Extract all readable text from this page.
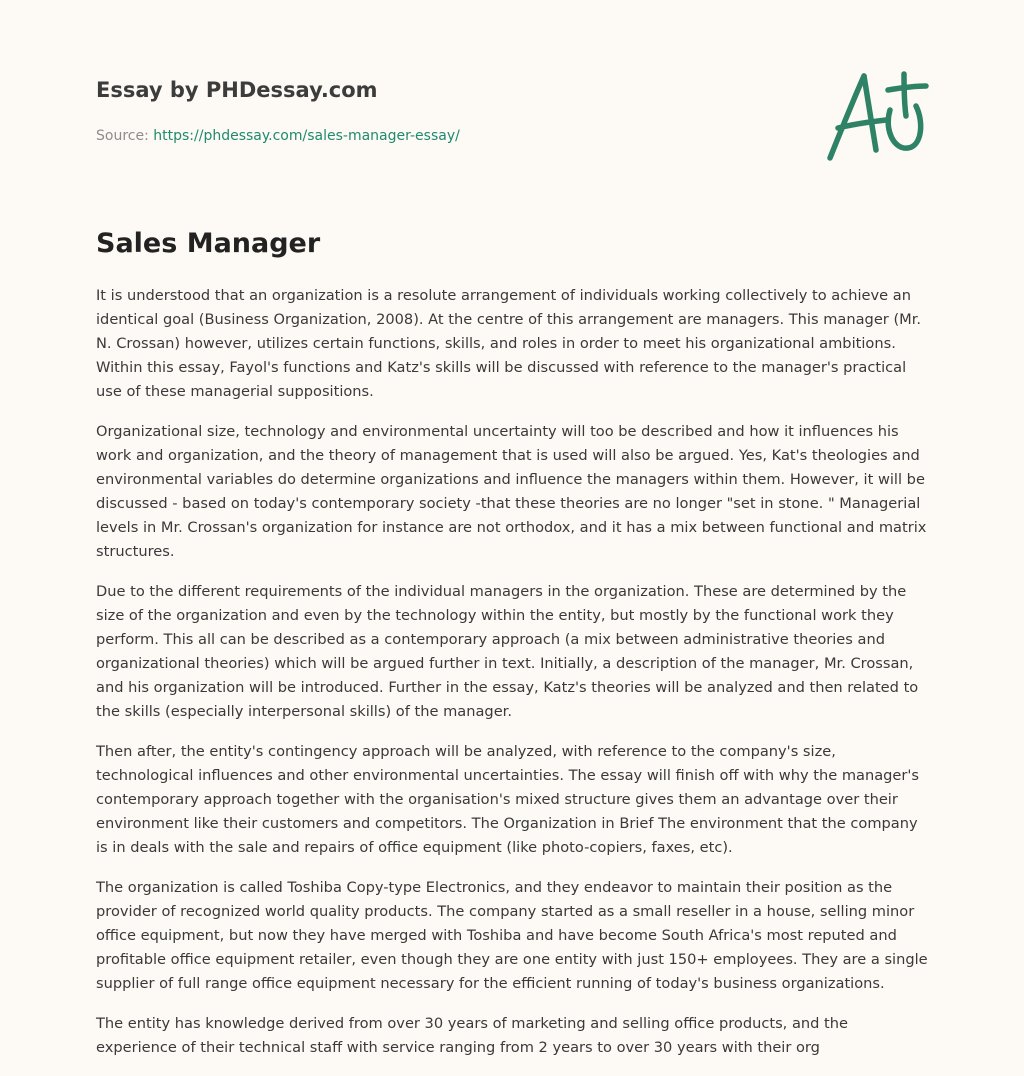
Essay by PHDessay.com
Source: https://phdessay.com/sales-manager-essay/
Sales Manager

It is understood that an organization is a resolute arrangement of individuals working collectively to achieve an identical goal (Business Organization, 2008). At the centre of this arrangement are managers. This manager (Mr. N. Crossan) however, utilizes certain functions, skills, and roles in order to meet his organizational ambitions. Within this essay, Fayol's functions and Katz's skills will be discussed with reference to the manager's practical use of these managerial suppositions.

Organizational size, technology and environmental uncertainty will too be described and how it influences his work and organization, and the theory of management that is used will also be argued. Yes, Kat's theologies and environmental variables do determine organizations and influence the managers within them. However, it will be discussed - based on today's contemporary society -that these theories are no longer "set in stone. " Managerial levels in Mr. Crossan's organization for instance are not orthodox, and it has a mix between functional and matrix structures.

Due to the different requirements of the individual managers in the organization. These are determined by the size of the organization and even by the technology within the entity, but mostly by the functional work they perform. This all can be described as a contemporary approach (a mix between administrative theories and organizational theories) which will be argued further in text. Initially, a description of the manager, Mr. Crossan, and his organization will be introduced. Further in the essay, Katz's theories will be analyzed and then related to the skills (especially interpersonal skills) of the manager.

Then after, the entity's contingency approach will be analyzed, with reference to the company's size, technological influences and other environmental uncertainties. The essay will finish off with why the manager's contemporary approach together with the organisation's mixed structure gives them an advantage over their environment like their customers and competitors. The Organization in Brief The environment that the company is in deals with the sale and repairs of office equipment (like photo-copiers, faxes, etc).

The organization is called Toshiba Copy-type Electronics, and they endeavor to maintain their position as the provider of recognized world quality products. The company started as a small reseller in a house, selling minor office equipment, but now they have merged with Toshiba and have become South Africa's most reputed and profitable office equipment retailer, even though they are one entity with just 150+ employees. They are a single supplier of full range office equipment necessary for the efficient running of today's business organizations.

The entity has knowledge derived from over 30 years of marketing and selling office products, and the experience of their technical staff with service ranging from 2 years to over 30 years with their org
